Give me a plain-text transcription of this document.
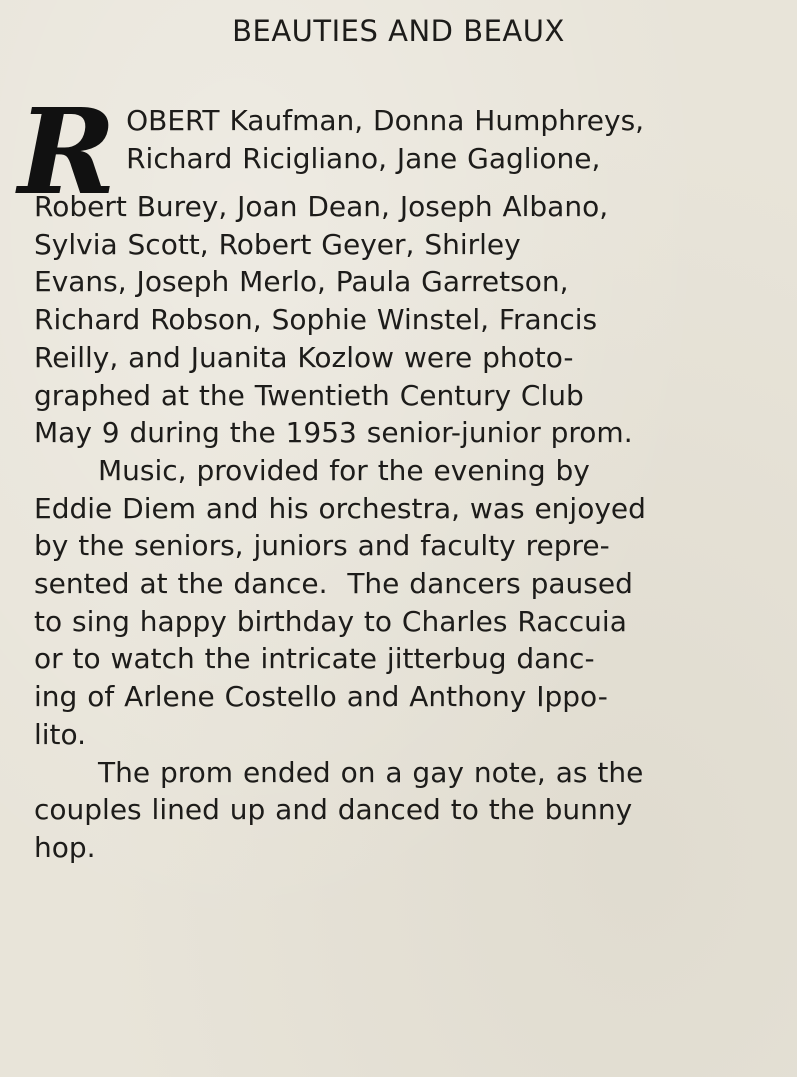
BEAUTIES AND BEAUX
R OBERT Kaufman, Donna Humphreys,
Richard Ricigliano, Jane Gaglione,
Robert Burey, Joan Dean, Joseph Albano,
Sylvia Scott, Robert Geyer, Shirley
Evans, Joseph Merlo, Paula Garretson,
Richard Robson, Sophie Winstel, Francis
Reilly, and Juanita Kozlow were photo-
graphed at the Twentieth Century Club
May 9 during the 1953 senior-junior prom.
Music, provided for the evening by
Eddie Diem and his orchestra, was enjoyed
by the seniors, juniors and faculty repre-
sented at the dance.  The dancers paused
to sing happy birthday to Charles Raccuia
or to watch the intricate jitterbug danc-
ing of Arlene Costello and Anthony Ippo-
lito.
The prom ended on a gay note, as the
couples lined up and danced to the bunny
hop.
